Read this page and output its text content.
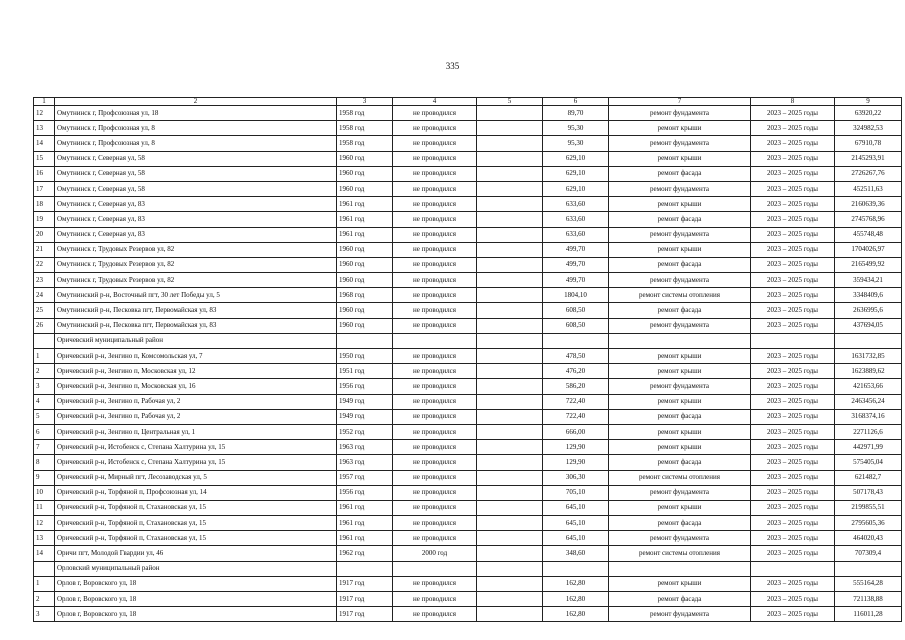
335
1	2	3	4	5	6	7	8	9
12	Омутнинск г, Профсоюзная ул, 18	1958 год	не проводился		89,70	ремонт фундамента	2023 – 2025 годы	63920,22
13	Омутнинск г, Профсоюзная ул, 8	1958 год	не проводился		95,30	ремонт крыши	2023 – 2025 годы	324982,53
14	Омутнинск г, Профсоюзная ул, 8	1958 год	не проводился		95,30	ремонт фундамента	2023 – 2025 годы	67910,78
15	Омутнинск г, Северная ул, 58	1960 год	не проводился		629,10	ремонт крыши	2023 – 2025 годы	2145293,91
16	Омутнинск г, Северная ул, 58	1960 год	не проводился		629,10	ремонт фасада	2023 – 2025 годы	2726267,76
17	Омутнинск г, Северная ул, 58	1960 год	не проводился		629,10	ремонт фундамента	2023 – 2025 годы	452511,63
18	Омутнинск г, Северная ул, 83	1961 год	не проводился		633,60	ремонт крыши	2023 – 2025 годы	2160639,36
19	Омутнинск г, Северная ул, 83	1961 год	не проводился		633,60	ремонт фасада	2023 – 2025 годы	2745768,96
20	Омутнинск г, Северная ул, 83	1961 год	не проводился		633,60	ремонт фундамента	2023 – 2025 годы	455748,48
21	Омутнинск г, Трудовых Резервов ул, 82	1960 год	не проводился		499,70	ремонт крыши	2023 – 2025 годы	1704026,97
22	Омутнинск г, Трудовых Резервов ул, 82	1960 год	не проводился		499,70	ремонт фасада	2023 – 2025 годы	2165499,92
23	Омутнинск г, Трудовых Резервов ул, 82	1960 год	не проводился		499,70	ремонт фундамента	2023 – 2025 годы	359434,21
24	Омутнинский р-н, Восточный пгт, 30 лет Победы ул, 5	1968 год	не проводился		1804,10	ремонт системы отопления	2023 – 2025 годы	3348409,6
25	Омутнинский р-н, Песковка пгт, Первомайская ул, 83	1960 год	не проводился		608,50	ремонт фасада	2023 – 2025 годы	2636995,6
26	Омутнинский р-н, Песковка пгт, Первомайская ул, 83	1960 год	не проводился		608,50	ремонт фундамента	2023 – 2025 годы	437694,05
	Оричевский муниципальный район							
1	Оричевский р-н, Зенгино п, Комсомольская ул, 7	1950 год	не проводился		478,50	ремонт крыши	2023 – 2025 годы	1631732,85
2	Оричевский р-н, Зенгино п, Московская ул, 12	1951 год	не проводился		476,20	ремонт крыши	2023 – 2025 годы	1623889,62
3	Оричевский р-н, Зенгино п, Московская ул, 16	1956 год	не проводился		586,20	ремонт фундамента	2023 – 2025 годы	421653,66
4	Оричевский р-н, Зенгино п, Рабочая ул, 2	1949 год	не проводился		722,40	ремонт крыши	2023 – 2025 годы	2463456,24
5	Оричевский р-н, Зенгино п, Рабочая ул, 2	1949 год	не проводился		722,40	ремонт фасада	2023 – 2025 годы	3168374,16
6	Оричевский р-н, Зенгино п, Центральная ул, 1	1952 год	не проводился		666,00	ремонт крыши	2023 – 2025 годы	2271126,6
7	Оричевский р-н, Истобенск с, Степана Халтурина ул, 15	1963 год	не проводился		129,90	ремонт крыши	2023 – 2025 годы	442971,99
8	Оричевский р-н, Истобенск с, Степана Халтурина ул, 15	1963 год	не проводился		129,90	ремонт фасада	2023 – 2025 годы	575405,04
9	Оричевский р-н, Мирный пгт, Лесозаводская ул, 5	1957 год	не проводился		306,30	ремонт системы отопления	2023 – 2025 годы	621482,7
10	Оричевский р-н, Торфяной п, Профсоюзная ул, 14	1956 год	не проводился		705,10	ремонт фундамента	2023 – 2025 годы	507178,43
11	Оричевский р-н, Торфяной п, Стахановская ул, 15	1961 год	не проводился		645,10	ремонт крыши	2023 – 2025 годы	2199855,51
12	Оричевский р-н, Торфяной п, Стахановская ул, 15	1961 год	не проводился		645,10	ремонт фасада	2023 – 2025 годы	2795605,36
13	Оричевский р-н, Торфяной п, Стахановская ул, 15	1961 год	не проводился		645,10	ремонт фундамента	2023 – 2025 годы	464020,43
14	Оричи пгт, Молодой Гвардии ул, 46	1962 год	2000 год		348,60	ремонт системы отопления	2023 – 2025 годы	707309,4
	Орловский муниципальный район							
1	Орлов г, Воровского ул, 18	1917 год	не проводился		162,80	ремонт крыши	2023 – 2025 годы	555164,28
2	Орлов г, Воровского ул, 18	1917 год	не проводился		162,80	ремонт фасада	2023 – 2025 годы	721138,88
3	Орлов г, Воровского ул, 18	1917 год	не проводился		162,80	ремонт фундамента	2023 – 2025 годы	116011,28
